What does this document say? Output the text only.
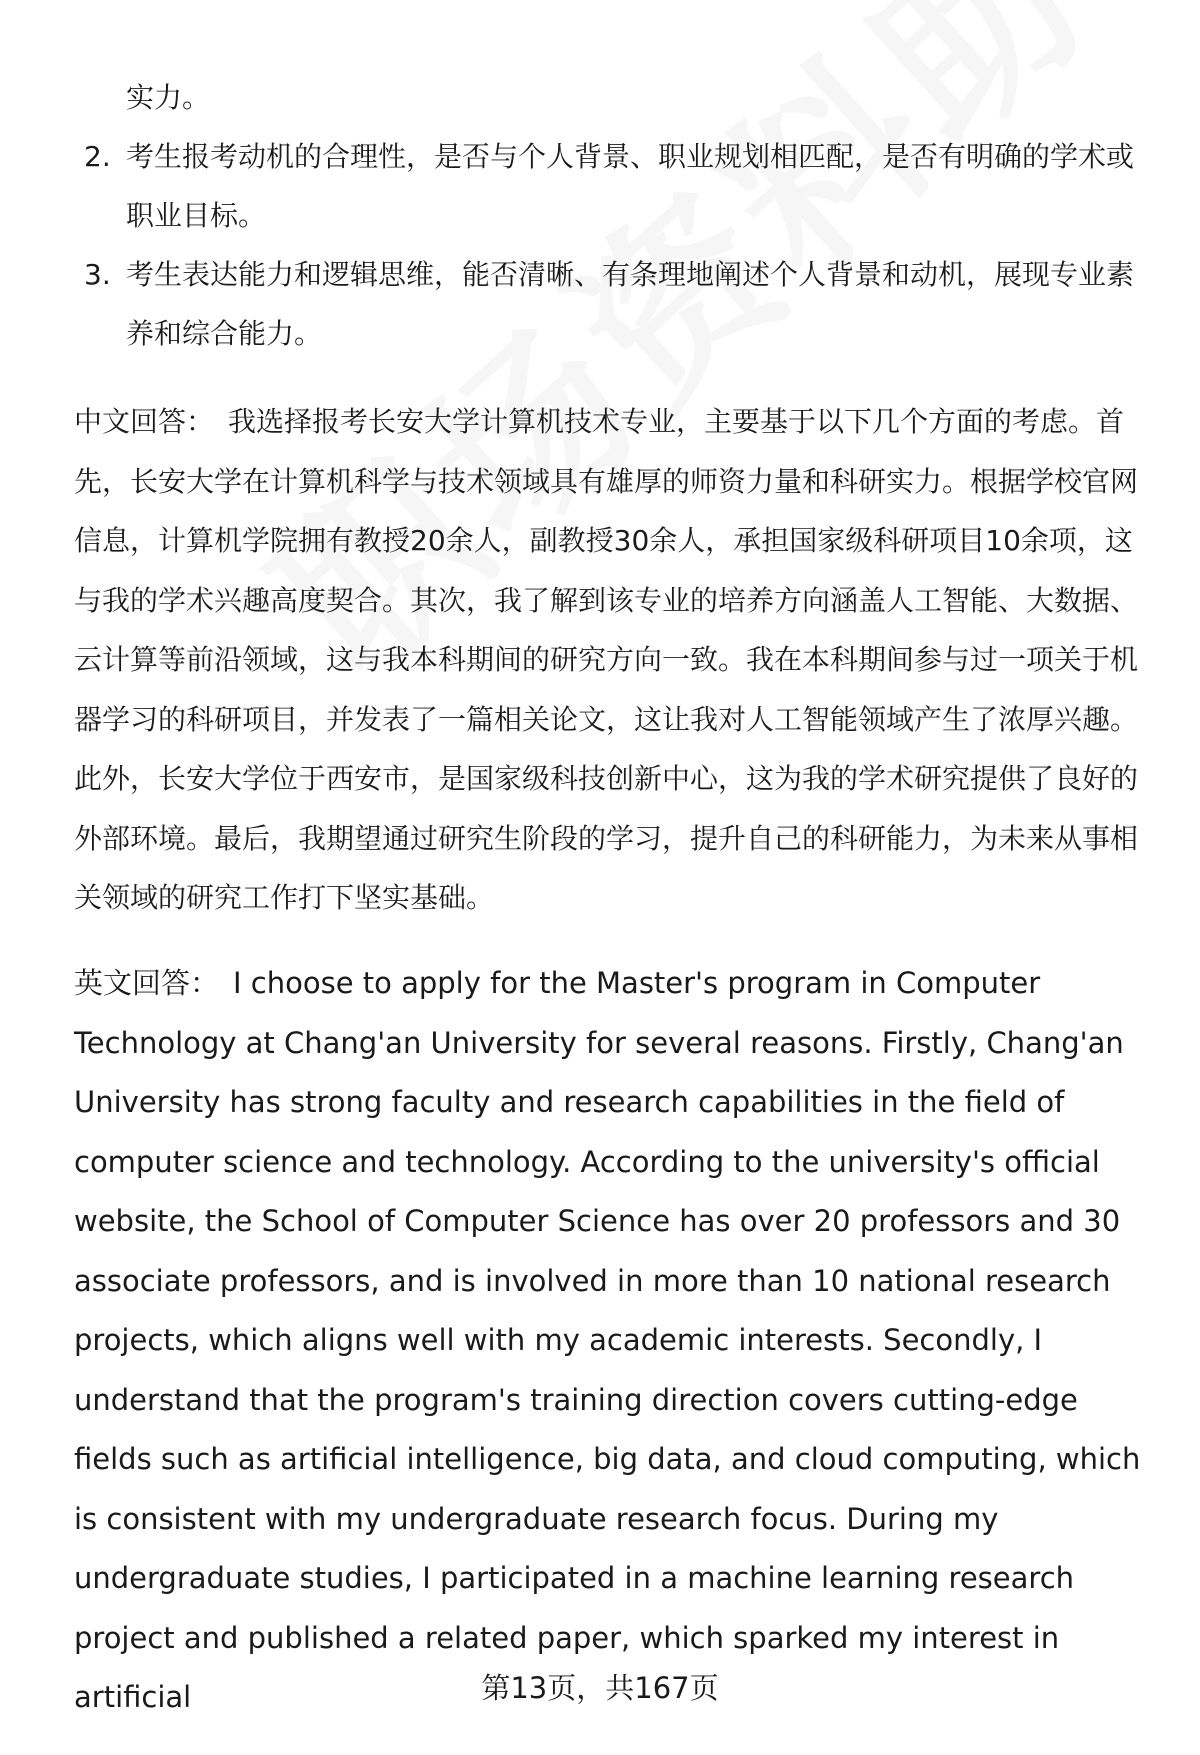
实力。

2. 考生报考动机的合理性，是否与个人背景、职业规划相匹配，是否有明确的学术或职业目标。
3. 考生表达能力和逻辑思维，能否清晰、有条理地阐述个人背景和动机，展现专业素养和综合能力。

中文回答： 我选择报考长安大学计算机技术专业，主要基于以下几个方面的考虑。首先，长安大学在计算机科学与技术领域具有雄厚的师资力量和科研实力。根据学校官网信息，计算机学院拥有教授20余人，副教授30余人，承担国家级科研项目10余项，这与我的学术兴趣高度契合。其次，我了解到该专业的培养方向涵盖人工智能、大数据、云计算等前沿领域，这与我本科期间的研究方向一致。我在本科期间参与过一项关于机器学习的科研项目，并发表了一篇相关论文，这让我对人工智能领域产生了浓厚兴趣。此外，长安大学位于西安市，是国家级科技创新中心，这为我的学术研究提供了良好的外部环境。最后，我期望通过研究生阶段的学习，提升自己的科研能力，为未来从事相关领域的研究工作打下坚实基础。

英文回答： I choose to apply for the Master's program in Computer Technology at Chang'an University for several reasons. Firstly, Chang'an University has strong faculty and research capabilities in the field of computer science and technology. According to the university's official website, the School of Computer Science has over 20 professors and 30 associate professors, and is involved in more than 10 national research projects, which aligns well with my academic interests. Secondly, I understand that the program's training direction covers cutting-edge fields such as artificial intelligence, big data, and cloud computing, which is consistent with my undergraduate research focus. During my undergraduate studies, I participated in a machine learning research project and published a related paper, which sparked my interest in artificial	第13页，共167页
